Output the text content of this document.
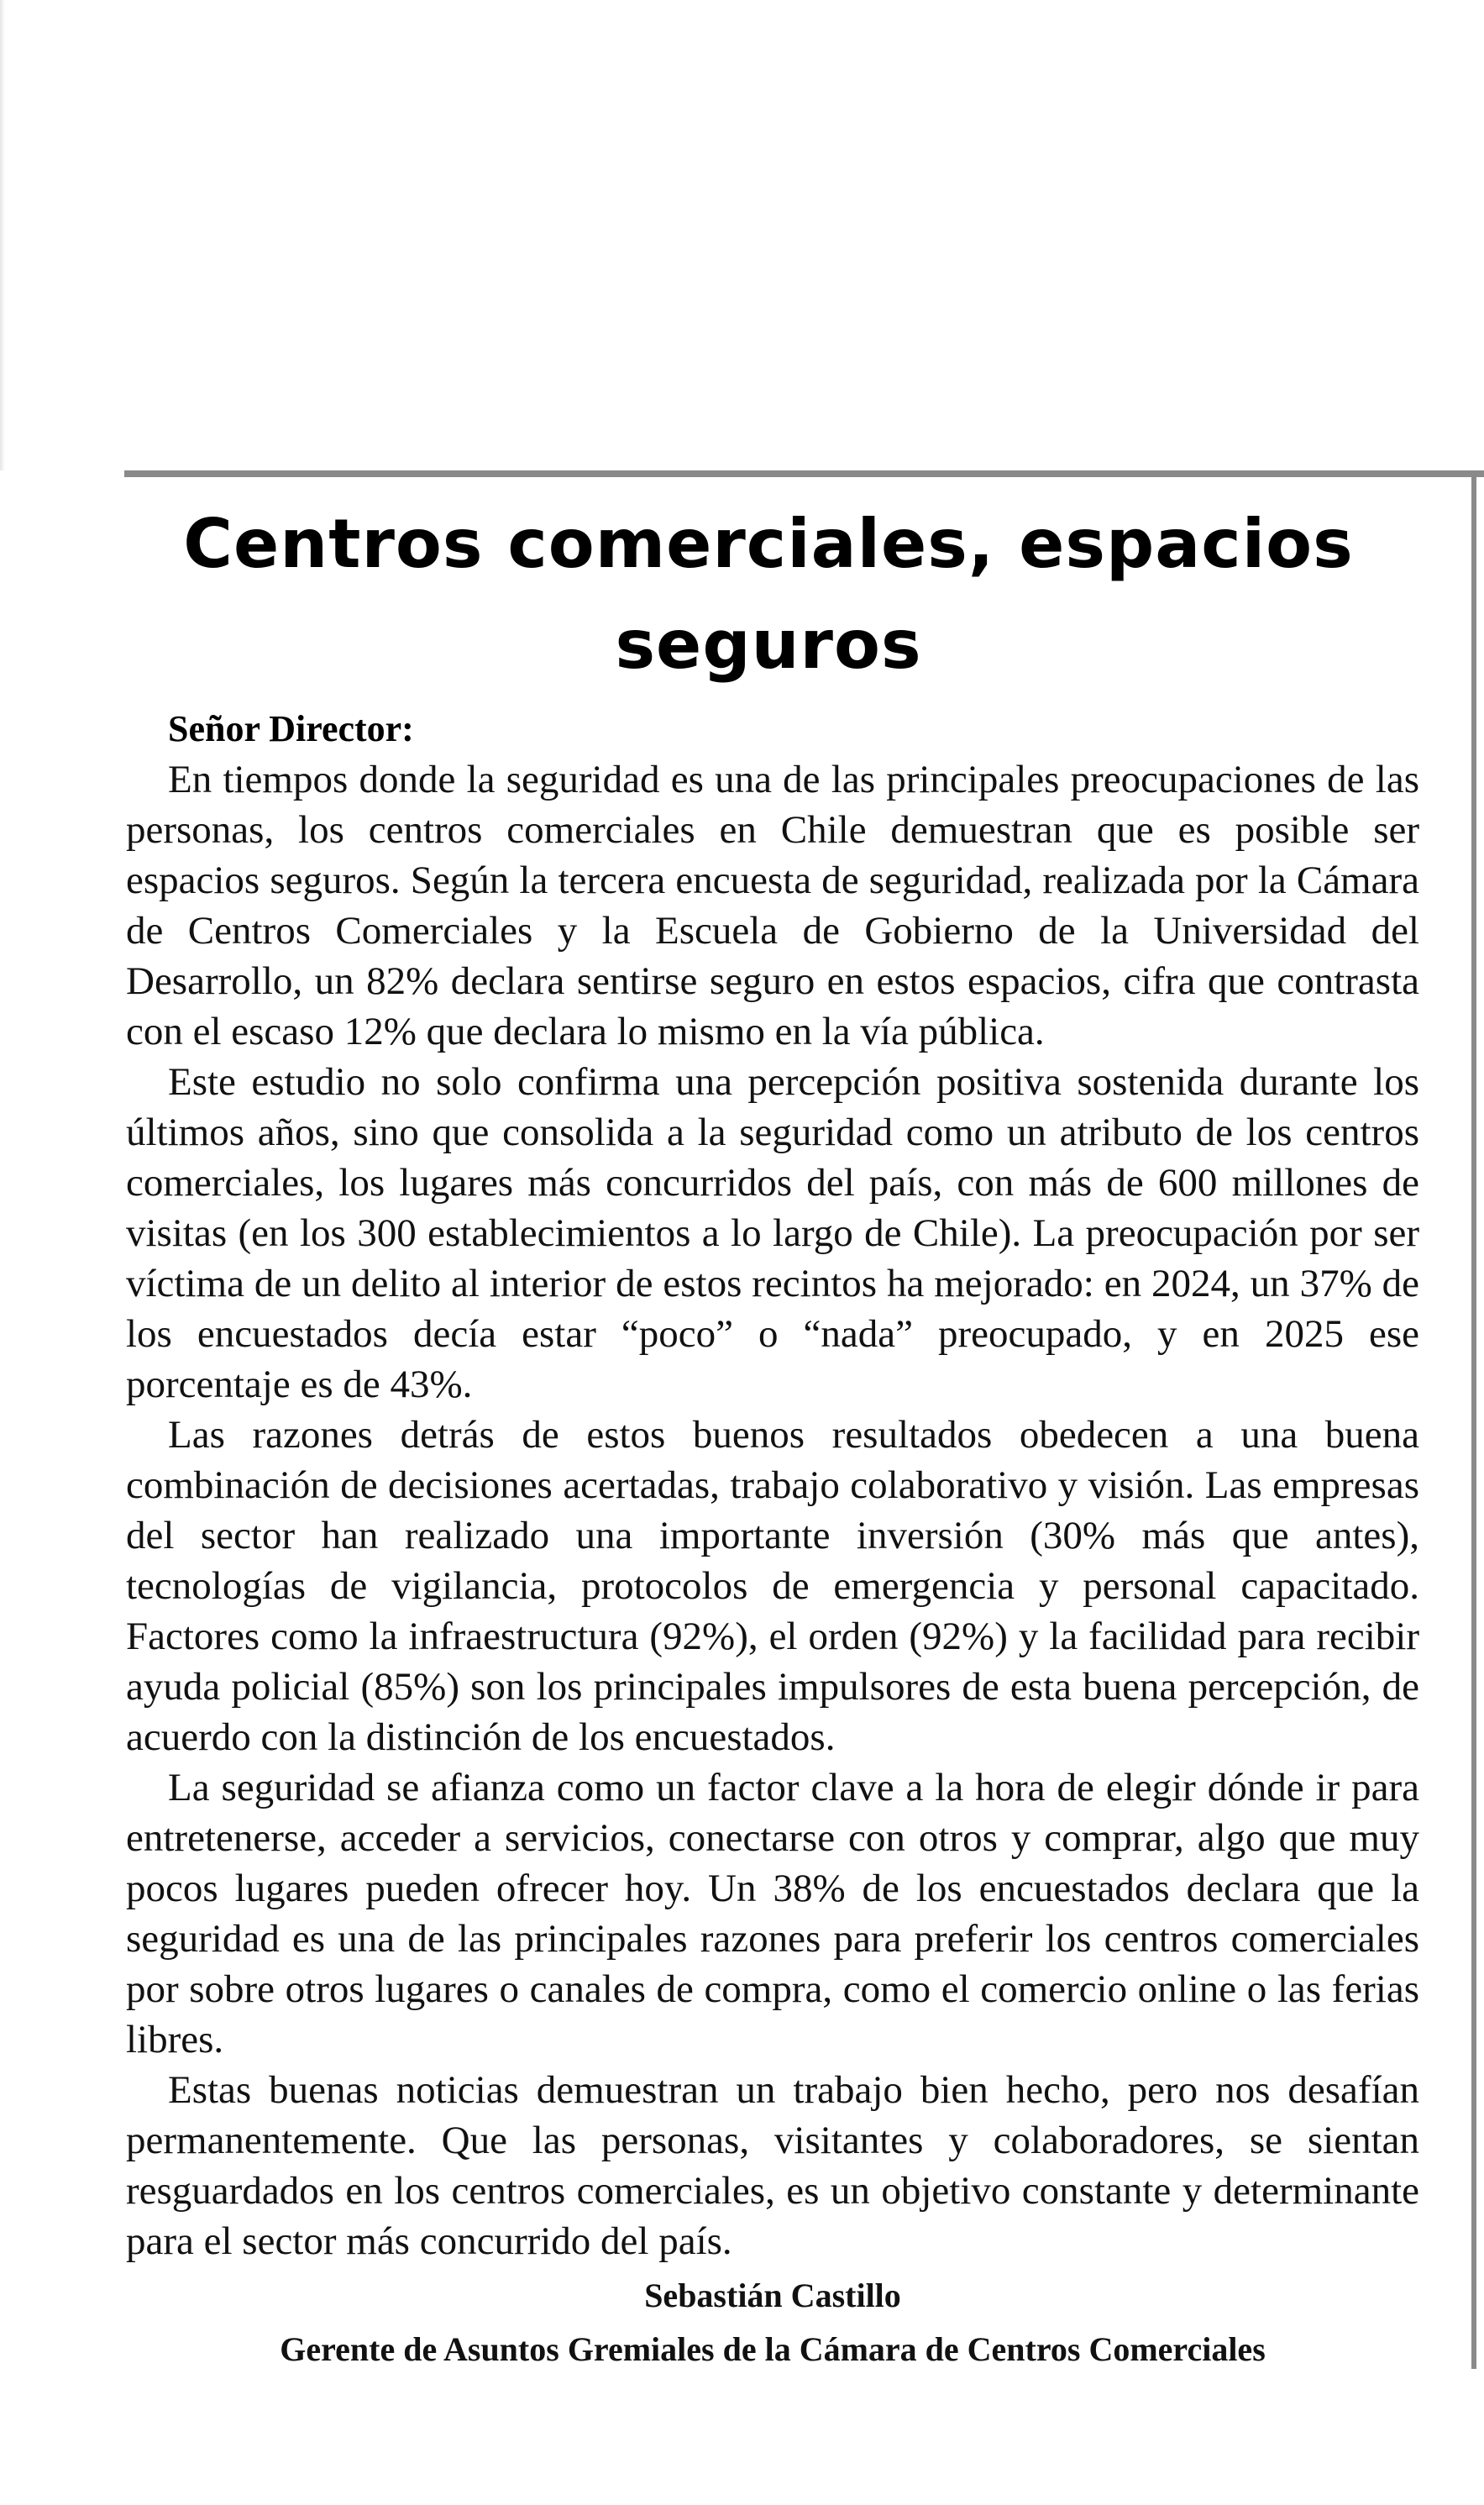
Centros comerciales, espacios seguros
Señor Director:

En tiempos donde la seguridad es una de las principales preocupaciones de las personas, los centros comerciales en Chile demuestran que es posible ser espacios seguros. Según la tercera encuesta de seguridad, realizada por la Cámara de Centros Comerciales y la Escuela de Gobierno de la Universidad del Desarrollo, un 82% declara sentirse seguro en estos espacios, cifra que contrasta con el escaso 12% que declara lo mismo en la vía pública.

Este estudio no solo confirma una percepción positiva sostenida durante los últimos años, sino que consolida a la seguridad como un atributo de los centros comerciales, los lugares más concurridos del país, con más de 600 millones de visitas (en los 300 establecimientos a lo largo de Chile). La preocupación por ser víctima de un delito al interior de estos recintos ha mejorado: en 2024, un 37% de los encuestados decía estar “poco” o “nada” preocupado, y en 2025 ese porcentaje es de 43%.

Las razones detrás de estos buenos resultados obedecen a una buena combinación de decisiones acertadas, trabajo colaborativo y visión. Las empresas del sector han realizado una importante inversión (30% más que antes), tecnologías de vigilancia, protocolos de emergencia y personal capacitado. Factores como la infraestructura (92%), el orden (92%) y la facilidad para recibir ayuda policial (85%) son los principales impulsores de esta buena percepción, de acuerdo con la distinción de los encuestados.

La seguridad se afianza como un factor clave a la hora de elegir dónde ir para entretenerse, acceder a servicios, conectarse con otros y comprar, algo que muy pocos lugares pueden ofrecer hoy. Un 38% de los encuestados declara que la seguridad es una de las principales razones para preferir los centros comerciales por sobre otros lugares o canales de compra, como el comercio online o las ferias libres.

Estas buenas noticias demuestran un trabajo bien hecho, pero nos desafían permanentemente. Que las personas, visitantes y colaboradores, se sientan resguardados en los centros comerciales, es un objetivo constante y determinante para el sector más concurrido del país.

Sebastián Castillo
Gerente de Asuntos Gremiales de la Cámara de Centros Comerciales
